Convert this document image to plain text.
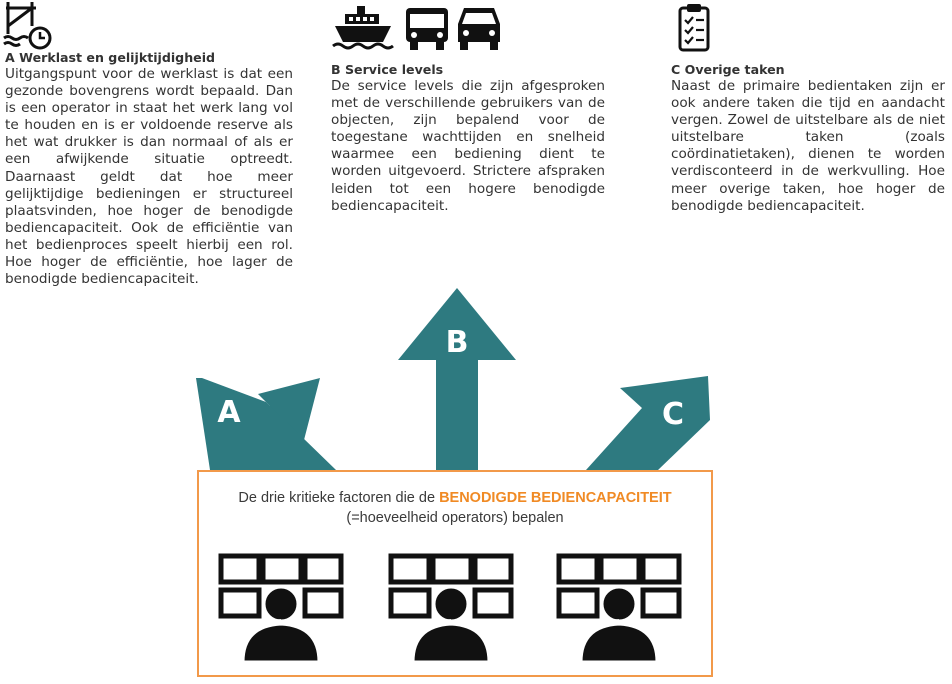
A Werklast en gelijktijdigheid

Uitgangspunt voor de werklast is dat een gezonde bovengrens wordt bepaald. Dan is een operator in staat het werk lang vol te houden en is er voldoende reserve als het wat drukker is dan normaal of als er een afwijkende situatie optreedt. Daarnaast geldt dat hoe meer gelijktijdige bedieningen er structureel plaatsvinden, hoe hoger de benodigde bediencapaciteit. Ook de efficiëntie van het bedienproces speelt hierbij een rol. Hoe hoger de efficiëntie, hoe lager de benodigde bediencapaciteit.

B Service levels

De service levels die zijn afgesproken met de verschillende gebruikers van de objecten, zijn bepalend voor de toegestane wachttijden en snelheid waarmee een bediening dient te worden uitgevoerd. Strictere afspraken leiden tot een hogere benodigde bediencapaciteit.

C Overige taken

Naast de primaire bedientaken zijn er ook andere taken die tijd en aandacht vergen. Zowel de uitstelbare als de niet uitstelbare taken (zoals coördinatietaken), dienen te worden verdisconteerd in de werkvulling. Hoe meer overige taken, hoe hoger de benodigde bediencapaciteit.

A
B
C
De drie kritieke factoren die de BENODIGDE BEDIENCAPACITEIT
(=hoeveelheid operators) bepalen
